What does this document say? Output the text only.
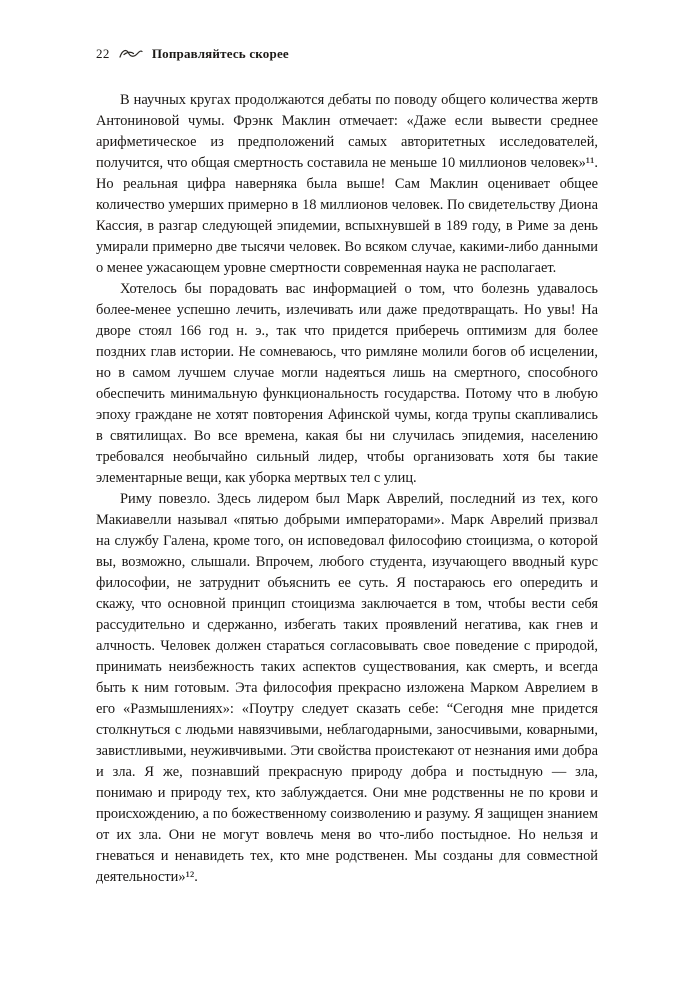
22	Поправляйтесь скорее

В научных кругах продолжаются дебаты по поводу общего количества жертв Антониновой чумы. Фрэнк Маклин отмечает: «Даже если вывести среднее арифметическое из предположений самых авторитетных исследователей, получится, что общая смертность составила не меньше 10 миллионов человек»¹¹. Но реальная цифра наверняка была выше! Сам Маклин оценивает общее количество умерших примерно в 18 миллионов человек. По свидетельству Диона Кассия, в разгар следующей эпидемии, вспыхнувшей в 189 году, в Риме за день умирали примерно две тысячи человек. Во всяком случае, какими-либо данными о менее ужасающем уровне смертности современная наука не располагает.

Хотелось бы порадовать вас информацией о том, что болезнь удавалось более-менее успешно лечить, излечивать или даже предотвращать. Но увы! На дворе стоял 166 год н. э., так что придется приберечь оптимизм для более поздних глав истории. Не сомневаюсь, что римляне молили богов об исцелении, но в самом лучшем случае могли надеяться лишь на смертного, способного обеспечить минимальную функциональность государства. Потому что в любую эпоху граждане не хотят повторения Афинской чумы, когда трупы скапливались в святилищах. Во все времена, какая бы ни случилась эпидемия, населению требовался необычайно сильный лидер, чтобы организовать хотя бы такие элементарные вещи, как уборка мертвых тел с улиц.

Риму повезло. Здесь лидером был Марк Аврелий, последний из тех, кого Макиавелли называл «пятью добрыми императорами». Марк Аврелий призвал на службу Галена, кроме того, он исповедовал философию стоицизма, о которой вы, возможно, слышали. Впрочем, любого студента, изучающего вводный курс философии, не затруднит объяснить ее суть. Я постараюсь его опередить и скажу, что основной принцип стоицизма заключается в том, чтобы вести себя рассудительно и сдержанно, избегать таких проявлений негатива, как гнев и алчность. Человек должен стараться согласовывать свое поведение с природой, принимать неизбежность таких аспектов существования, как смерть, и всегда быть к ним готовым. Эта философия прекрасно изложена Марком Аврелием в его «Размышлениях»: «Поутру следует сказать себе: “Сегодня мне придется столкнуться с людьми навязчивыми, неблагодарными, заносчивыми, коварными, завистливыми, неуживчивыми. Эти свойства проистекают от незнания ими добра и зла. Я же, познавший прекрасную природу добра и постыдную — зла, понимаю и природу тех, кто заблуждается. Они мне родственны не по крови и происхождению, а по божественному соизволению и разуму. Я защищен знанием от их зла. Они не могут вовлечь меня во что-либо постыдное. Но нельзя и гневаться и ненавидеть тех, кто мне родственен. Мы созданы для совместной деятельности»¹².
